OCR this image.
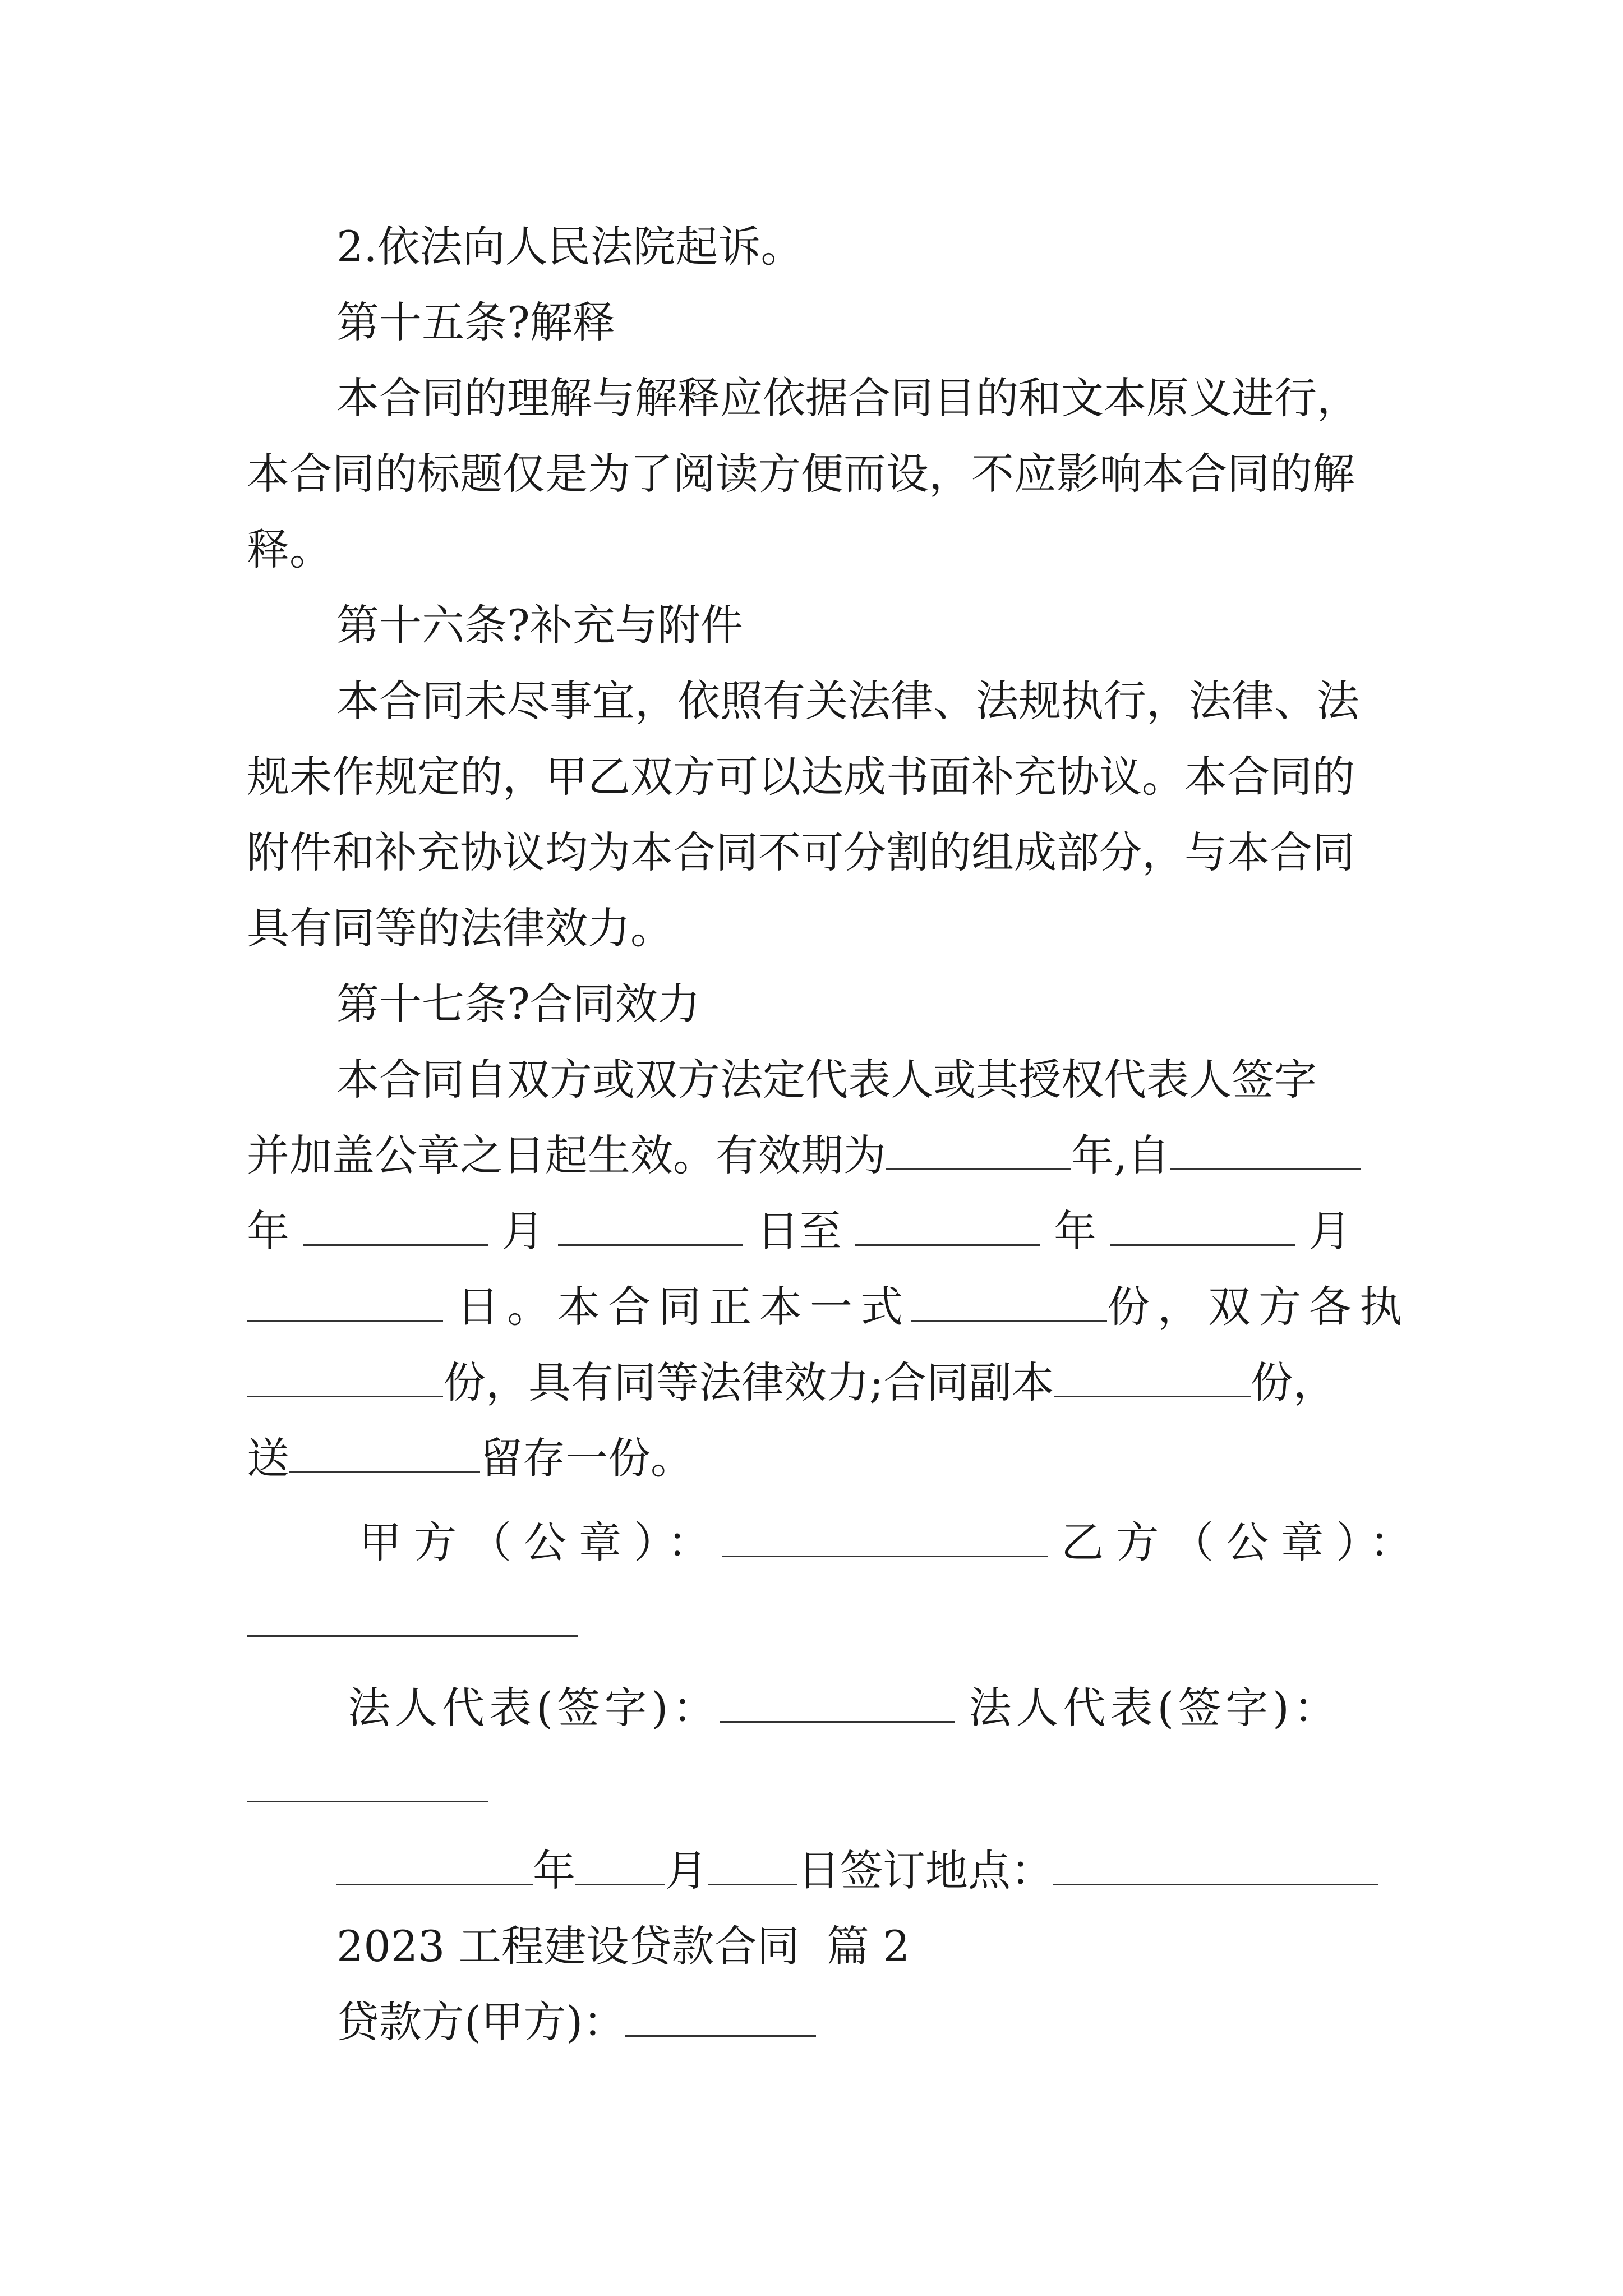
2.依法向人民法院起诉。
第十五条?解释
本合同的理解与解释应依据合同目的和文本原义进行，
本合同的标题仅是为了阅读方便而设，不应影响本合同的解
释。
第十六条?补充与附件
本合同未尽事宜，依照有关法律、法规执行，法律、法
规未作规定的，甲乙双方可以达成书面补充协议。本合同的
附件和补充协议均为本合同不可分割的组成部分，与本合同
具有同等的法律效力。
第十七条?合同效力
本合同自双方或双方法定代表人或其授权代表人签字
并加盖公章之日起生效。有效期为	年,自
年	月	日至	年	月
日。本合同正本一式	份，双方各执
份，具有同等法律效力;合同副本	份，
送	留存一份。
甲方（公章）：	乙方（公章）：
法人代表(签字)：	法人代表(签字)：
年 月 日签订地点：
2023 工程建设贷款合同  篇 2
贷款方(甲方)：
